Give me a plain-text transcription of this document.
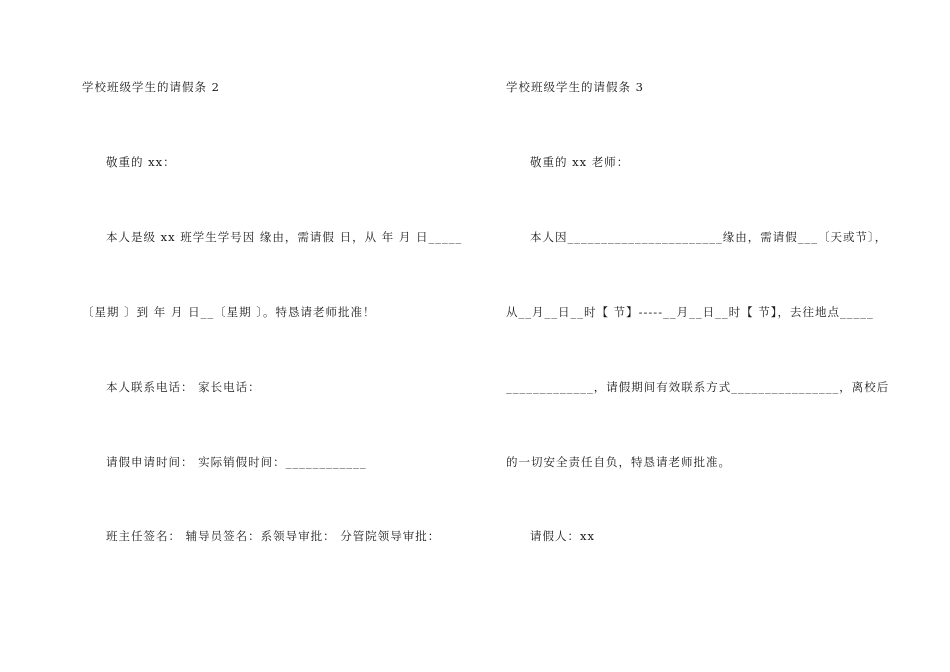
学校班级学生的请假条 2
敬重的 xx：
本人是级 xx 班学生学号因 缘由，需请假 日，从 年 月 日_____
〔星期 〕到 年 月 日__〔星期 〕。特恳请老师批准！
本人联系电话： 家长电话：
请假申请时间： 实际销假时间：____________
班主任签名： 辅导员签名：系领导审批： 分管院领导审批：
学校班级学生的请假条 3
敬重的 xx 老师：
本人因_______________________缘由，需请假___〔天或节〕，
从__月__日__时【 节】-----__月__日__时【 节】，去往地点_____
_____________，请假期间有效联系方式________________，离校后
的一切安全责任自负，特恳请老师批准。
请假人：xx
